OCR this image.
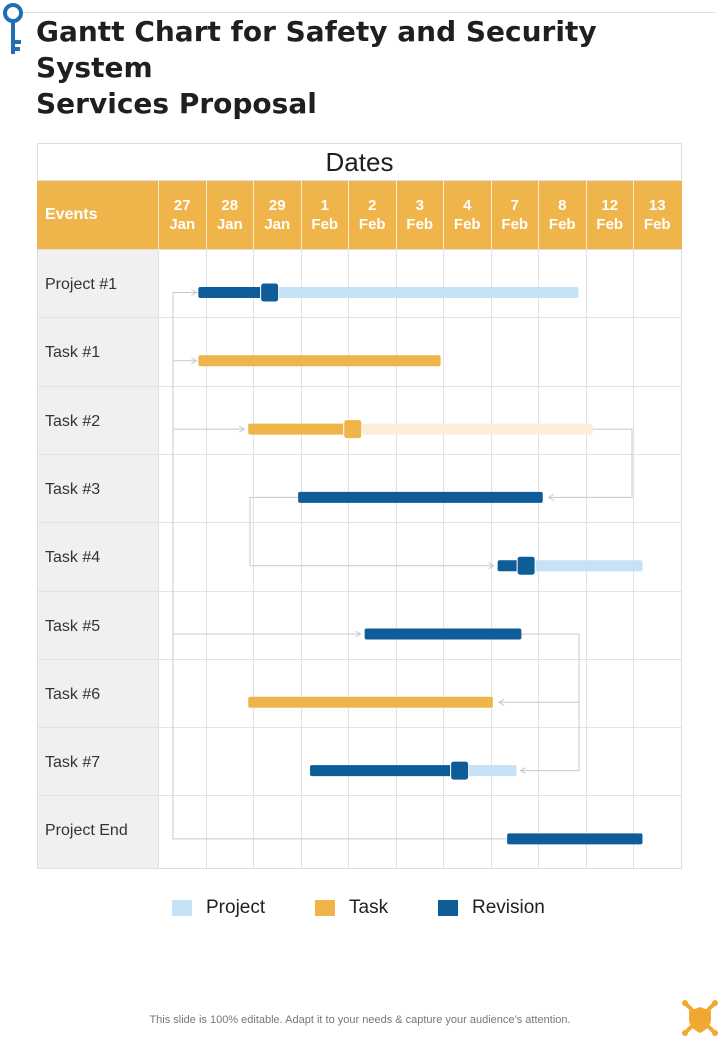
Gantt Chart for Safety and Security System
Services Proposal
Dates
Events
27
Jan
28
Jan
29
Jan
1
Feb
2
Feb
3
Feb
4
Feb
7
Feb
8
Feb
12
Feb
13
Feb
Project #1
Task #1
Task #2
Task #3
Task #4
Task #5
Task #6
Task #7
Project End
Project	Task	Revision
This slide is 100% editable. Adapt it to your needs & capture your audience’s attention.
